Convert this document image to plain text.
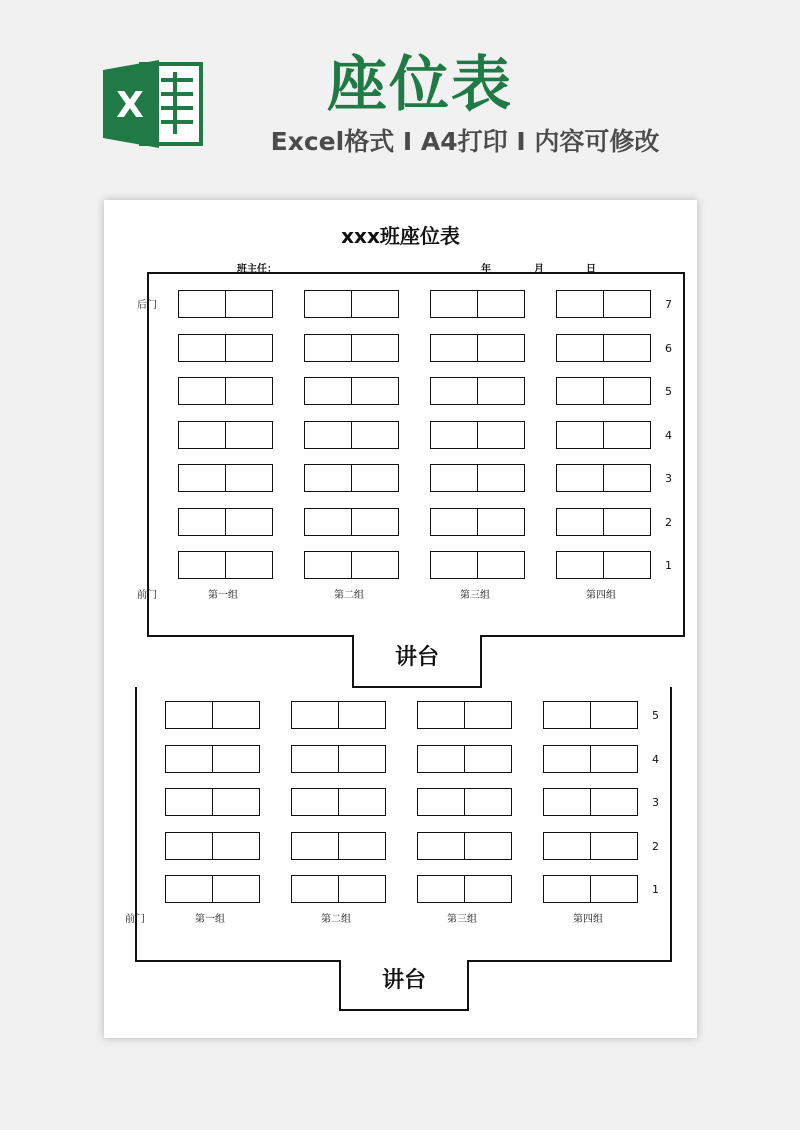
X	座位表
Excel格式 I A4打印 I 内容可修改
xxx班座位表
班主任：	年	月	日
后门
前门
讲台
7
6
5
4
3
2
1
第一组	第二组	第三组	第四组
前门
讲台
5
4
3
2
1
第一组	第二组	第三组	第四组
